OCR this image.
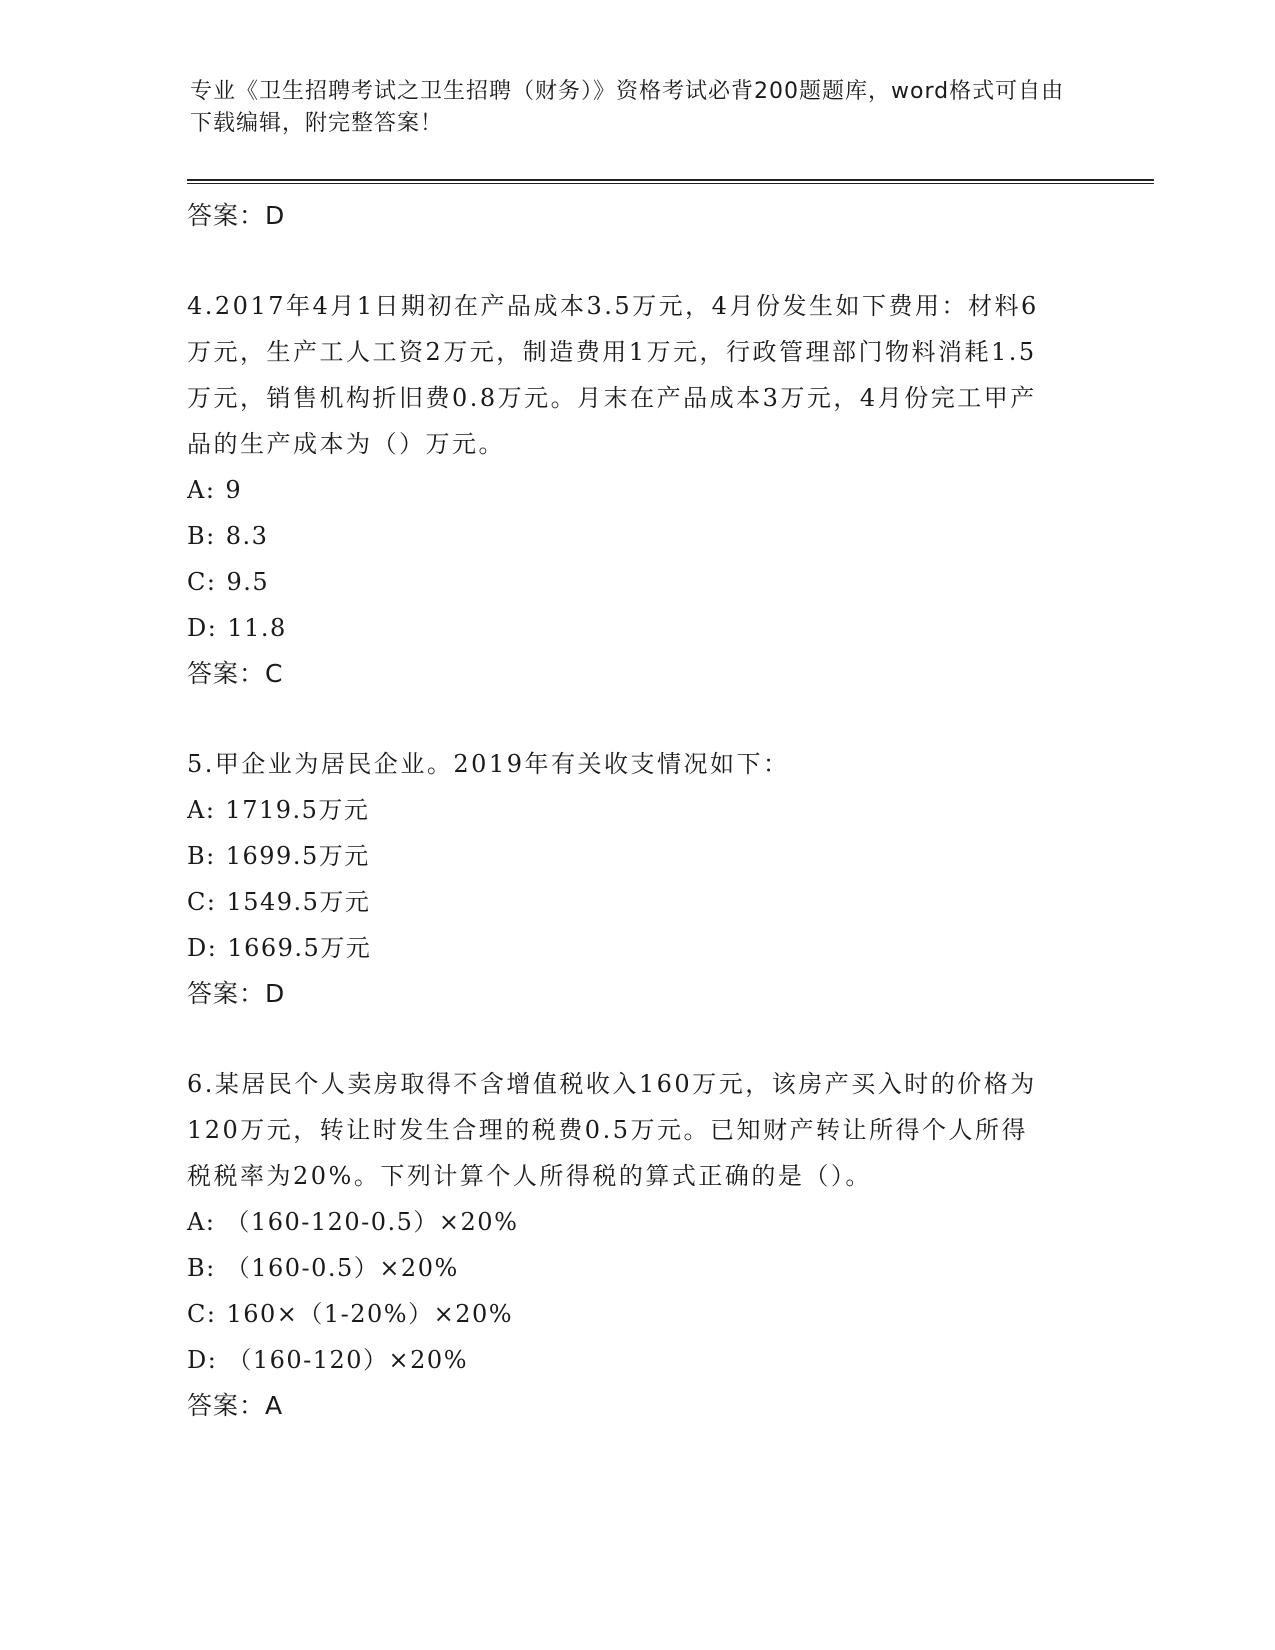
专业《卫生招聘考试之卫生招聘（财务）》资格考试必背200题题库，word格式可自由下载编辑，附完整答案！
答案：D
4.2017年4月1日期初在产品成本3.5万元，4月份发生如下费用：材料6万元，生产工人工资2万元，制造费用1万元，行政管理部门物料消耗1.5万元，销售机构折旧费0.8万元。月末在产品成本3万元，4月份完工甲产品的生产成本为（）万元。
A: 9
B: 8.3
C: 9.5
D: 11.8
答案：C
5.甲企业为居民企业。2019年有关收支情况如下：
A: 1719.5万元
B: 1699.5万元
C: 1549.5万元
D: 1669.5万元
答案：D
6.某居民个人卖房取得不含增值税收入160万元，该房产买入时的价格为120万元，转让时发生合理的税费0.5万元。已知财产转让所得个人所得税税率为20%。下列计算个人所得税的算式正确的是（）。
A: （160-120-0.5）×20%
B: （160-0.5）×20%
C: 160×（1-20%）×20%
D: （160-120）×20%
答案：A
